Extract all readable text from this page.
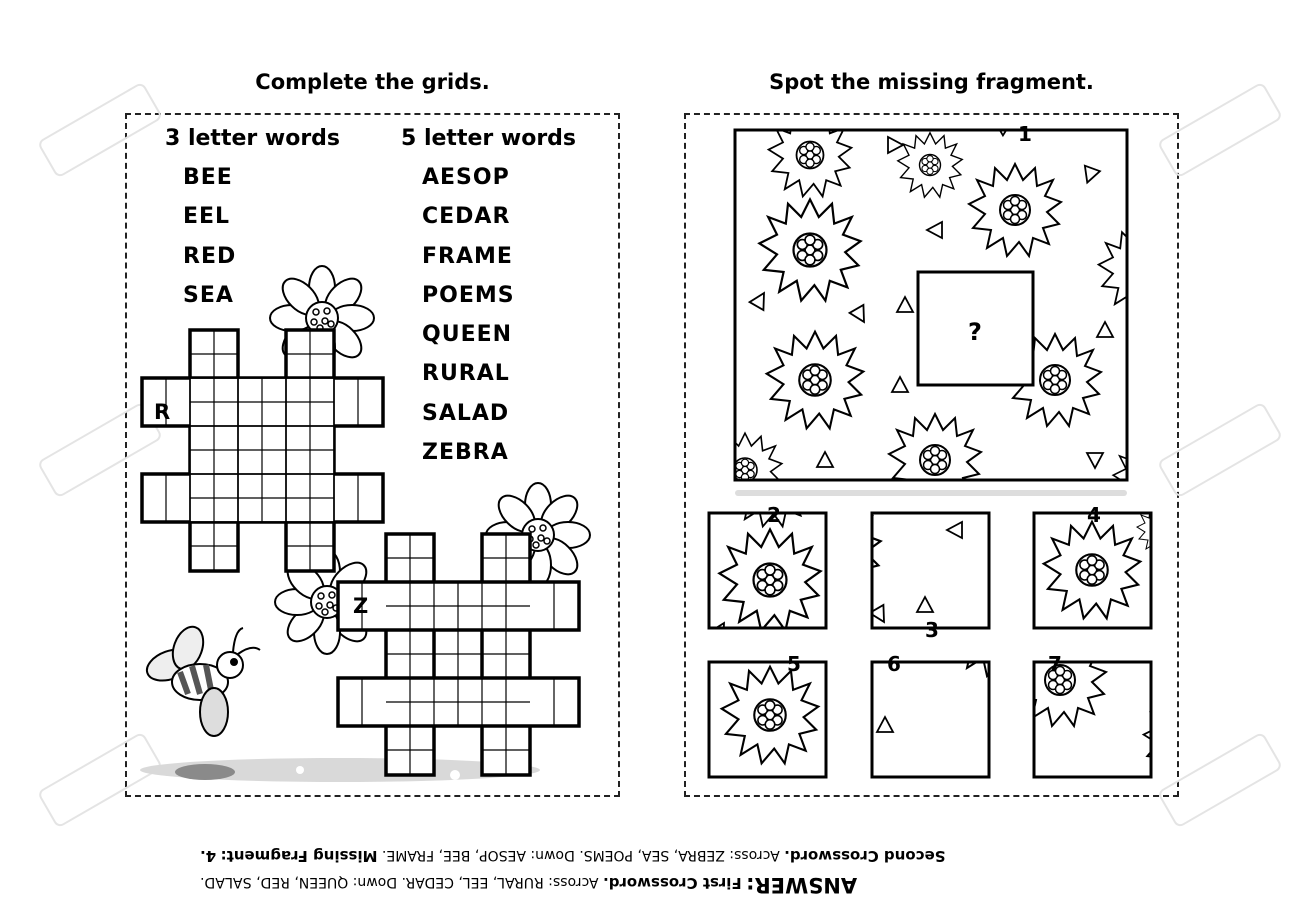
Complete the grids.	Spot the missing fragment.
3 letter words
BEE
EEL
RED
SEA
5 letter words
AESOP
CEDAR
FRAME
POEMS
QUEEN
RURAL
SALAD
ZEBRA
R
Z
1
?
2
3
4
5	6	7
ANSWER: First Crossword. Across: RURAL, EEL, CEDAR. Down: QUEEN, RED, SALAD.
Second Crossword. Across: ZEBRA, SEA, POEMS. Down: AESOP, BEE, FRAME. Missing Fragment: 4.
